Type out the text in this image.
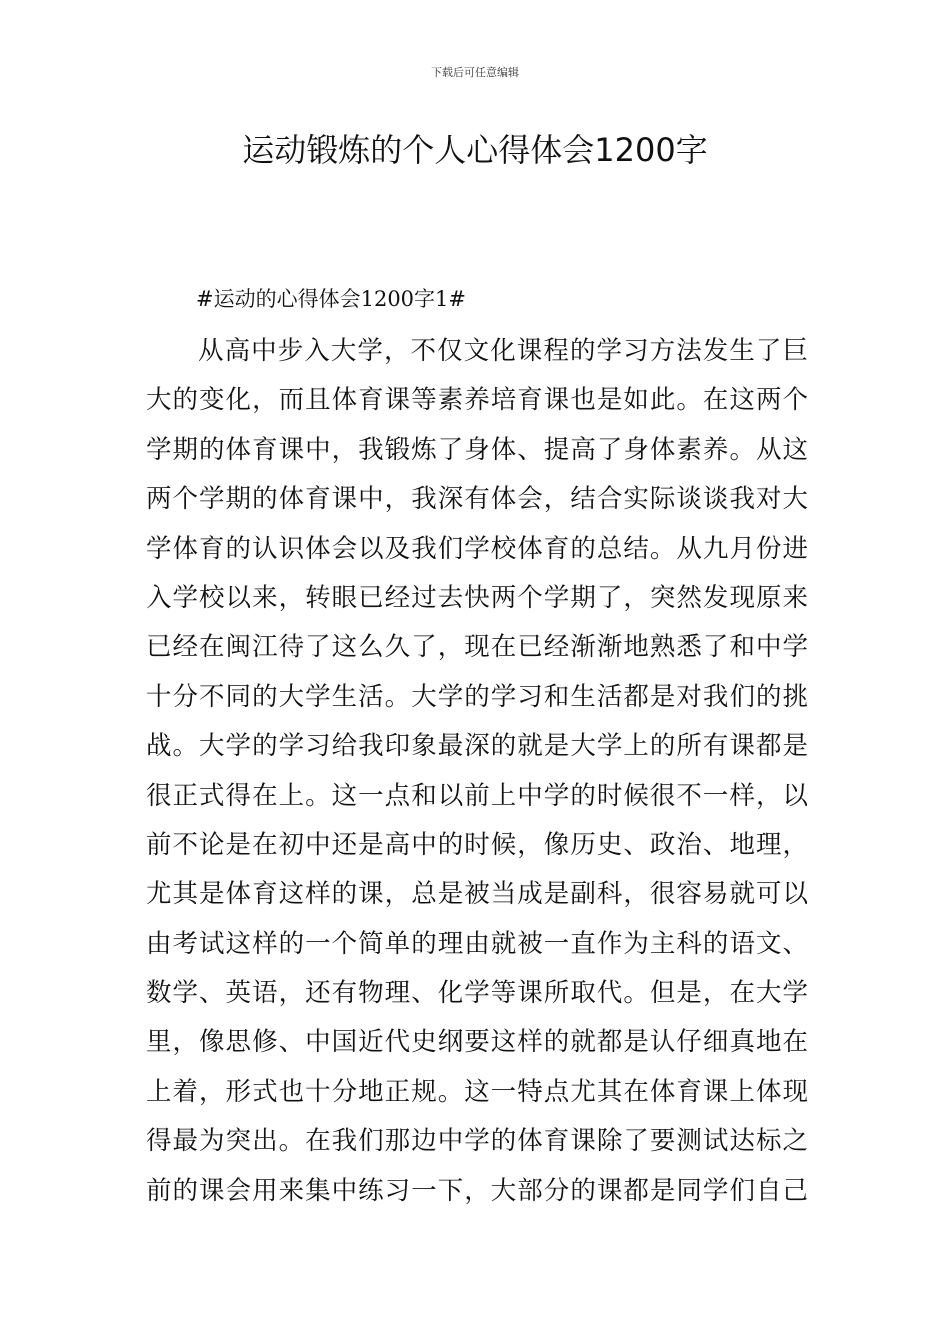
下载后可任意编辑
运动锻炼的个人心得体会1200字
#运动的心得体会1200字1#
从高中步入大学，不仅文化课程的学习方法发生了巨
大的变化，而且体育课等素养培育课也是如此。在这两个
学期的体育课中，我锻炼了身体、提高了身体素养。从这
两个学期的体育课中，我深有体会，结合实际谈谈我对大
学体育的认识体会以及我们学校体育的总结。从九月份进
入学校以来，转眼已经过去快两个学期了，突然发现原来
已经在闽江待了这么久了，现在已经渐渐地熟悉了和中学
十分不同的大学生活。大学的学习和生活都是对我们的挑
战。大学的学习给我印象最深的就是大学上的所有课都是
很正式得在上。这一点和以前上中学的时候很不一样，以
前不论是在初中还是高中的时候，像历史、政治、地理，
尤其是体育这样的课，总是被当成是副科，很容易就可以
由考试这样的一个简单的理由就被一直作为主科的语文、
数学、英语，还有物理、化学等课所取代。但是，在大学
里，像思修、中国近代史纲要这样的就都是认仔细真地在
上着，形式也十分地正规。这一特点尤其在体育课上体现
得最为突出。在我们那边中学的体育课除了要测试达标之
前的课会用来集中练习一下，大部分的课都是同学们自己
